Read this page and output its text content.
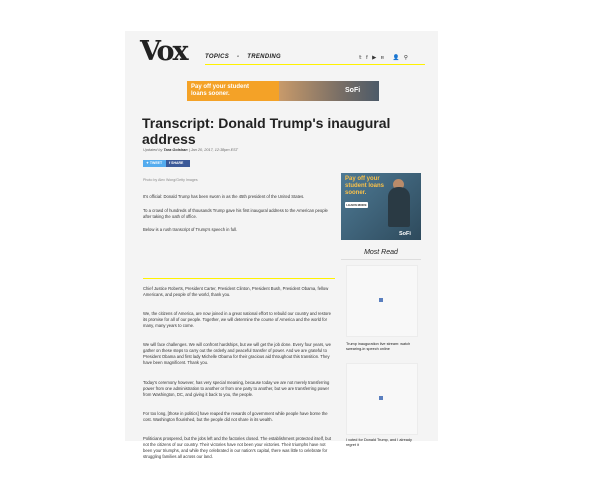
Vox	TOPICS - TRENDING	𝕥 f ▶ ʀ 👤 ⚲
Pay off your student
loans sooner.	SoFi
Transcript: Donald Trump's inaugural address
Updated by Tara Golshan | Jan 20, 2017, 12:38pm EST
✦ TWEET	f SHARE
Photo by Alex Wong/Getty Images

It's official: Donald Trump has been sworn in as the 45th president of the United States.

To a crowd of hundreds of thousands Trump gave his first inaugural address to the American people after taking the oath of office.

Below is a rush transcript of Trump's speech in full.

Chief Justice Roberts, President Carter, President Clinton, President Bush, President Obama, fellow Americans, and people of the world, thank you.

We, the citizens of America, are now joined in a great national effort to rebuild our country and restore its promise for all of our people. Together, we will determine the course of America and the world for many, many years to come.

We will face challenges. We will confront hardships, but we will get the job done. Every four years, we gather on these steps to carry out the orderly and peaceful transfer of power. And we are grateful to President Obama and first lady Michelle Obama for their gracious aid throughout this transition. They have been magnificent. Thank you.

Today's ceremony however, has very special meaning, because today we are not merely transferring power from one administration to another or from one party to another, but we are transferring power from Washington, DC, and giving it back to you, the people.

For too long, [those in politics] have reaped the rewards of government while people have borne the cost. Washington flourished, but the people did not share in its wealth.

Politicians prospered, but the jobs left and the factories closed. The establishment protected itself, but not the citizens of our country. Their victories have not been your victories. Their triumphs have not been your triumphs, and while they celebrated in our nation's capital, there was little to celebrate for struggling families all across our land.

Pay off your
student loans
sooner.
LEARN MORE
SoFi
Most Read
Trump inauguration live stream: watch swearing-in speech online
I voted for Donald Trump, and I already regret it
